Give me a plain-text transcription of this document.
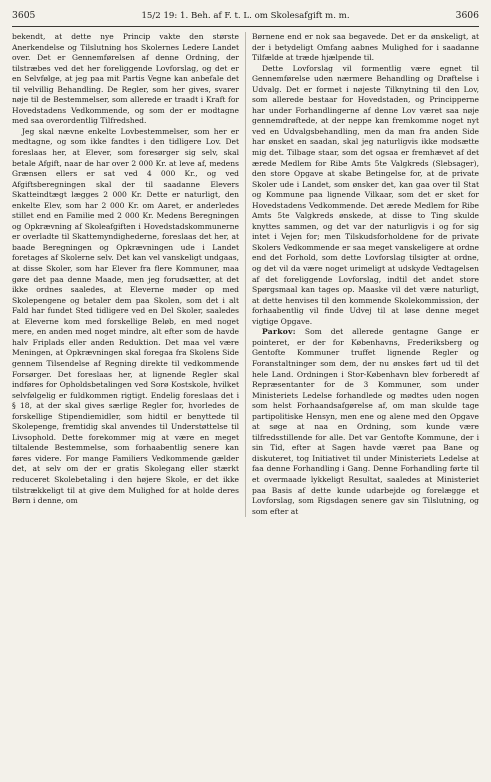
3605	15/2 19: 1. Beh. af F. t. L. om Skolesafgift m. m.	3606

bekendt, at dette nye Princip vakte den største Anerkendelse og Tilslutning hos Skolernes Ledere Landet over. Det er Gennemførelsen af denne Ordning, der tilstræbes ved det her foreliggende Lovforslag, og det er en Selvfølge, at jeg paa mit Partis Vegne kan anbefale det til velvillig Behandling. De Regler, som her gives, svarer nøje til de Bestemmelser, som allerede er traadt i Kraft for Hovedstadens Vedkommende, og som der er modtagne med saa overordentlig Tilfredshed.

Jeg skal nævne enkelte Lovbestemmelser, som her er medtagne, og som ikke fandtes i den tidligere Lov. Det foreslaas her, at Elever, som foresørger sig selv, skal betale Afgift, naar de har over 2 000 Kr. at leve af, medens Grænsen ellers er sat ved 4 000 Kr., og ved Afgiftsberegningen skal der til saadanne Elevers Skatteindtægt lægges 2 000 Kr. Dette er naturligt, den enkelte Elev, som har 2 000 Kr. om Aaret, er anderledes stillet end en Familie med 2 000 Kr. Medens Beregningen og Opkrævning af Skoleafgiften i Hovedstadskommunerne er overladte til Skattemyndighederne, foreslaas det her, at baade Beregningen og Opkrævningen ude i Landet foretages af Skolerne selv. Det kan vel vanskeligt undgaas, at disse Skoler, som har Elever fra flere Kommuner, maa gøre det paa denne Maade, men jeg forudsætter, at det ikke ordnes saaledes, at Eleverne møder op med Skolepengene og betaler dem paa Skolen, som det i alt Fald har fundet Sted tidligere ved en Del Skoler, saaledes at Eleverne kom med forskellige Beløb, en med noget mere, en anden med noget mindre, alt efter som de havde halv Friplads eller anden Reduktion. Det maa vel være Meningen, at Opkrævningen skal foregaa fra Skolens Side gennem Tilsendelse af Regning direkte til vedkommende Forsørger. Det foreslaas her, at lignende Regler skal indføres for Opholdsbetalingen ved Sorø Kostskole, hvilket selvfølgelig er fuldkommen rigtigt. Endelig foreslaas det i § 18, at der skal gives særlige Regler for, hvorledes de forskellige Stipendiemidler, som hidtil er benyttede til Skolepenge, fremtidig skal anvendes til Understøttelse til Livsophold. Dette forekommer mig at være en meget tiltalende Bestemmelse, som forhaabentlig senere kan føres videre. For mange Familiers Vedkommende gælder det, at selv om der er gratis Skolegang eller stærkt reduceret Skolebetaling i den højere Skole, er det ikke tilstrækkeligt til at give dem Mulighed for at holde deres Børn i denne, om

Børnene end er nok saa begavede. Det er da ønskeligt, at der i betydeligt Omfang aabnes Mulighed for i saadanne Tilfælde at træde hjælpende til.

Dette Lovforslag vil formentlig være egnet til Gennemførelse uden nærmere Behandling og Drøftelse i Udvalg. Det er formet i nøjeste Tilknytning til den Lov, som allerede bestaar for Hovedstaden, og Principperne har under Forhandlingerne af denne Lov været saa nøje gennemdrøftede, at der neppe kan fremkomme noget nyt ved en Udvalgsbehandling, men da man fra anden Side har ønsket en saadan, skal jeg naturligvis ikke modsætte mig det. Tilbage staar, som det ogsaa er fremhævet af det ærede Medlem for Ribe Amts 5te Valgkreds (Slebsager), den store Opgave at skabe Betingelse for, at de private Skoler ude i Landet, som ønsker det, kan gaa over til Stat og Kommune paa lignende Vilkaar, som det er sket for Hovedstadens Vedkommende. Det ærede Medlem for Ribe Amts 5te Valgkreds ønskede, at disse to Ting skulde knyttes sammen, og det var der naturligvis i og for sig intet i Vejen for; men Tilskudsforholdene for de private Skolers Vedkommende er saa meget vanskeligere at ordne end det Forhold, som dette Lovforslag tilsigter at ordne, og det vil da være noget urimeligt at udskyde Vedtagelsen af det foreliggende Lovforslag, indtil det andet store Spørgsmaal kan tages op. Maaske vil det være naturligt, at dette henvises til den kommende Skolekommission, der forhaabentlig vil finde Udvej til at løse denne meget vigtige Opgave.

Parkov: Som det allerede gentagne Gange er pointeret, er der for Københavns, Frederiksberg og Gentofte Kommuner truffet lignende Regler og Foranstaltninger som dem, der nu ønskes ført ud til det hele Land. Ordningen i Stor-København blev forberedt af Repræsentanter for de 3 Kommuner, som under Ministeriets Ledelse forhandlede og mødtes uden nogen som helst Forhaandsafgørelse af, om man skulde tage partipolitiske Hensyn, men ene og alene med den Opgave at søge at naa en Ordning, som kunde være tilfredsstillende for alle. Det var Gentofte Kommune, der i sin Tid, efter at Sagen havde været paa Bane og diskuteret, tog Initiativet til under Ministeriets Ledelse at faa denne Forhandling i Gang. Denne Forhandling førte til et overmaade lykkeligt Resultat, saaledes at Ministeriet paa Basis af dette kunde udarbejde og forelægge et Lovforslag, som Rigsdagen senere gav sin Tilslutning, og som efter at
